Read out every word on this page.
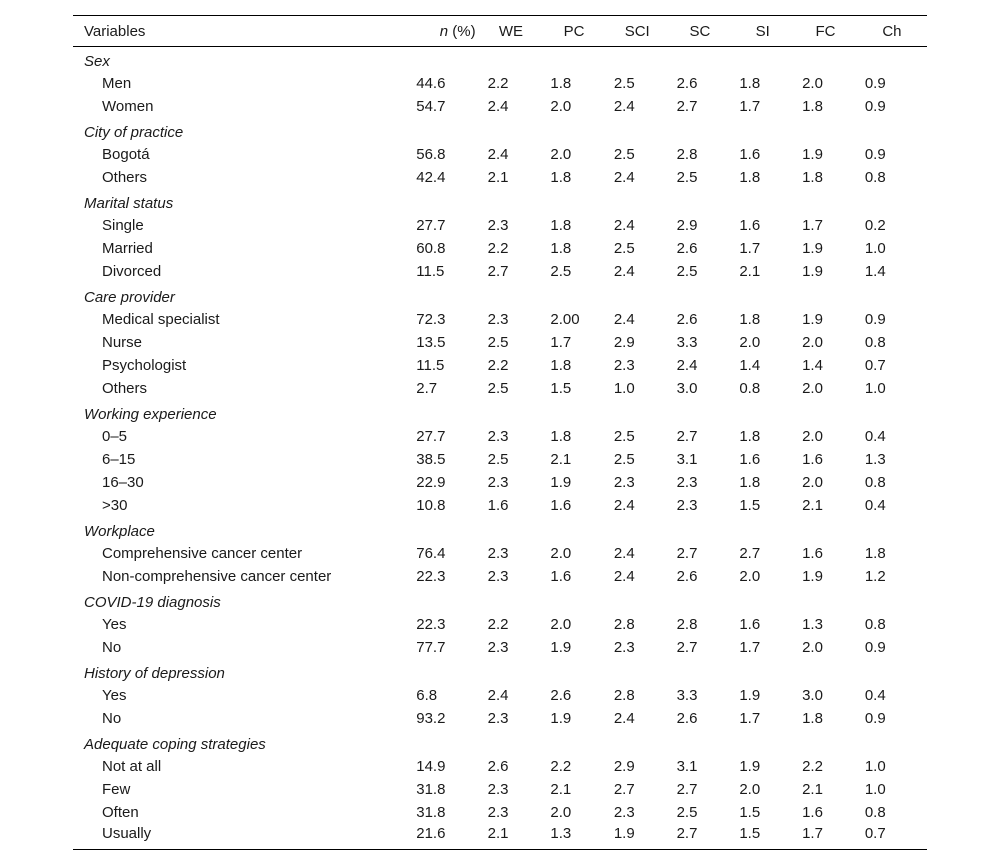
Variables	n (%)	WE	PC	SCI	SC	SI	FC	Ch
Sex								
Men	44.6	2.2	1.8	2.5	2.6	1.8	2.0	0.9
Women	54.7	2.4	2.0	2.4	2.7	1.7	1.8	0.9
City of practice								
Bogotá	56.8	2.4	2.0	2.5	2.8	1.6	1.9	0.9
Others	42.4	2.1	1.8	2.4	2.5	1.8	1.8	0.8
Marital status								
Single	27.7	2.3	1.8	2.4	2.9	1.6	1.7	0.2
Married	60.8	2.2	1.8	2.5	2.6	1.7	1.9	1.0
Divorced	11.5	2.7	2.5	2.4	2.5	2.1	1.9	1.4
Care provider								
Medical specialist	72.3	2.3	2.00	2.4	2.6	1.8	1.9	0.9
Nurse	13.5	2.5	1.7	2.9	3.3	2.0	2.0	0.8
Psychologist	11.5	2.2	1.8	2.3	2.4	1.4	1.4	0.7
Others	2.7	2.5	1.5	1.0	3.0	0.8	2.0	1.0
Working experience								
0–5	27.7	2.3	1.8	2.5	2.7	1.8	2.0	0.4
6–15	38.5	2.5	2.1	2.5	3.1	1.6	1.6	1.3
16–30	22.9	2.3	1.9	2.3	2.3	1.8	2.0	0.8
>30	10.8	1.6	1.6	2.4	2.3	1.5	2.1	0.4
Workplace								
Comprehensive cancer center	76.4	2.3	2.0	2.4	2.7	2.7	1.6	1.8
Non-comprehensive cancer center	22.3	2.3	1.6	2.4	2.6	2.0	1.9	1.2
COVID-19 diagnosis								
Yes	22.3	2.2	2.0	2.8	2.8	1.6	1.3	0.8
No	77.7	2.3	1.9	2.3	2.7	1.7	2.0	0.9
History of depression								
Yes	6.8	2.4	2.6	2.8	3.3	1.9	3.0	0.4
No	93.2	2.3	1.9	2.4	2.6	1.7	1.8	0.9
Adequate coping strategies								
Not at all	14.9	2.6	2.2	2.9	3.1	1.9	2.2	1.0
Few	31.8	2.3	2.1	2.7	2.7	2.0	2.1	1.0
Often	31.8	2.3	2.0	2.3	2.5	1.5	1.6	0.8
Usually	21.6	2.1	1.3	1.9	2.7	1.5	1.7	0.7
